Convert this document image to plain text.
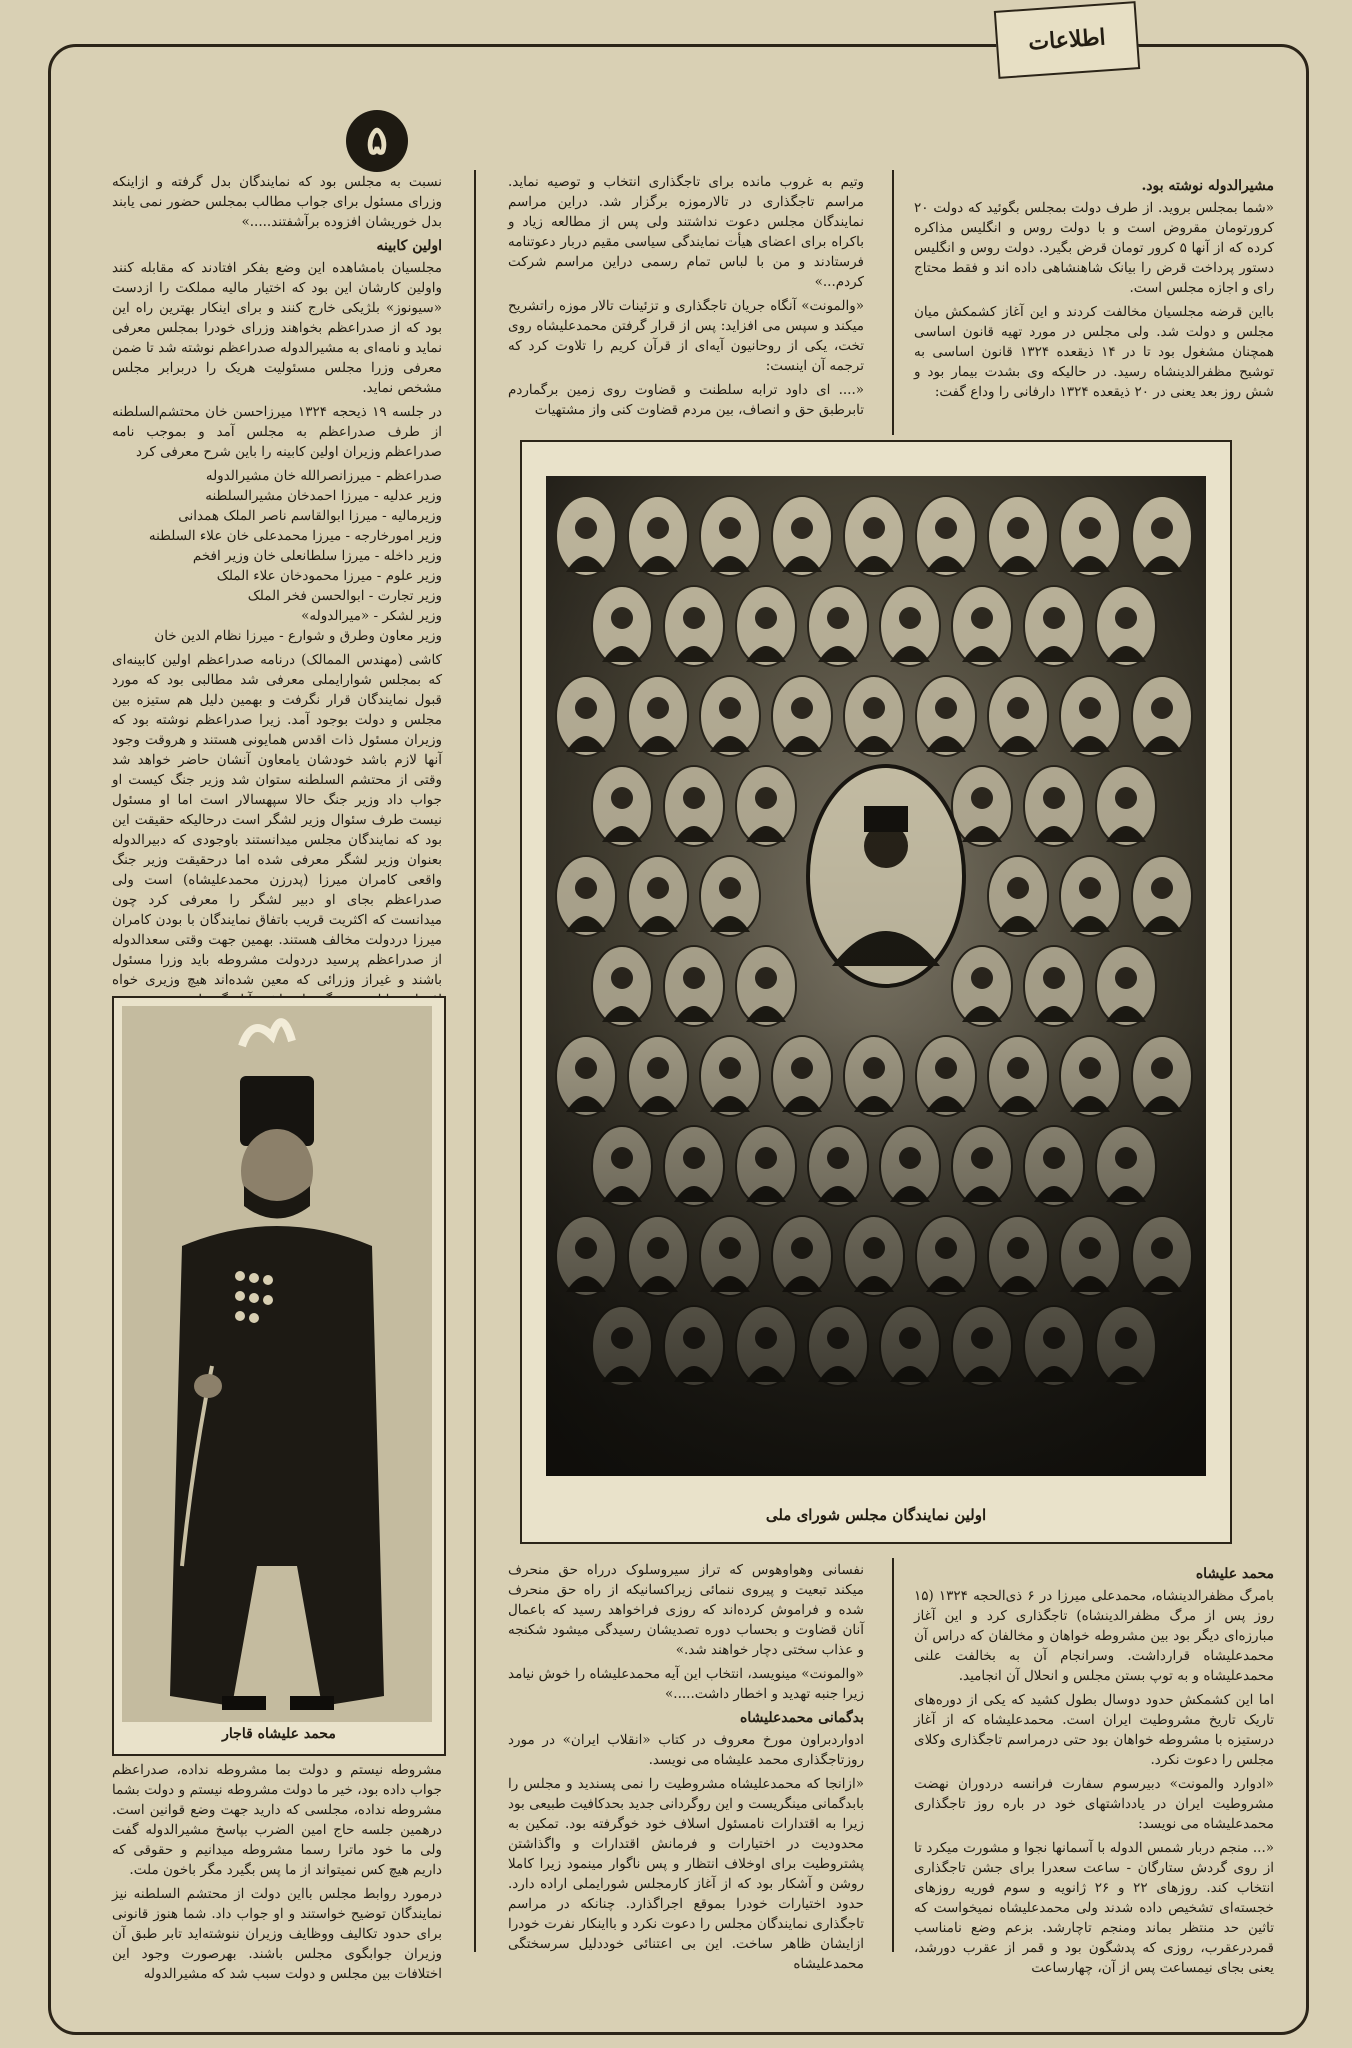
اطلاعات
۵

مشیرالدوله نوشته بود.

«شما بمجلس بروید. از طرف دولت بمجلس بگوئید که دولت ۲۰ کرورتومان مقروض است و با دولت روس و انگلیس مذاکره کرده که از آنها ۵ کرور تومان قرض بگیرد. دولت روس و انگلیس دستور پرداخت قرض را بیانک شاهنشاهی داده اند و فقط محتاج رای و اجازه مجلس است.

بااین قرضه مجلسیان مخالفت کردند و این آغاز کشمکش میان مجلس و دولت شد. ولی مجلس در مورد تهیه قانون اساسی همچنان مشغول بود تا در ۱۴ ذیقعده ۱۳۲۴ قانون اساسی به توشیح مظفرالدینشاه رسید. در حالیکه وی بشدت بیمار بود و شش روز بعد یعنی در ۲۰ ذیقعده ۱۳۲۴ دارفانی را وداع گفت:

وتیم به غروب مانده برای تاجگذاری انتخاب و توصیه نماید. مراسم تاجگذاری در تالارموزه برگزار شد. دراین مراسم نمایندگان مجلس دعوت نداشتند ولی پس از مطالعه زیاد و باکراه برای اعضای هیأت نمایندگی سیاسی مقیم دربار دعوتنامه فرستادند و من با لباس تمام رسمی دراین مراسم شرکت کردم...»

«والمونت» آنگاه جریان تاجگذاری و تزئینات تالار موزه راتشریح میکند و سپس می افزاید: پس از قرار گرفتن محمدعلیشاه روی تخت، یکی از روحانیون آیه‌ای از قرآن کریم را تلاوت کرد که ترجمه آن اینست:

«.... ای داود ترابه سلطنت و قضاوت روی زمین برگماردم تابرطبق حق و انصاف، بین مردم قضاوت کنی واز مشتهیات

اولین نمایندگان مجلس شورای ملی

نسبت به مجلس بود که نمایندگان بدل گرفته و ازاینکه وزرای مسئول برای جواب مطالب بمجلس حضور نمی یابند بدل خوریشان افزوده برآشفتند.....»

اولین کابینه

مجلسیان بامشاهده این وضع بفکر افتادند که مقابله کنند واولین کارشان این بود که اختیار مالیه مملکت را ازدست «سیونوز» بلژیکی خارج کنند و برای اینکار بهترین راه این بود که از صدراعظم بخواهند وزرای خودرا بمجلس معرفی نماید و نامه‌ای به مشیرالدوله صدراعظم نوشته شد تا ضمن معرفی وزرا مجلس مسئولیت هریک را دربرابر مجلس مشخص نماید.

در جلسه ۱۹ ذیحجه ۱۳۲۴ میرزاحسن خان محتشم‌السلطنه از طرف صدراعظم به مجلس آمد و بموجب نامه صدراعظم وزیران اولین کابینه را باین شرح معرفی کرد

صدراعظم - میرزانصرالله خان مشیرالدوله
وزیر عدلیه - میرزا احمدخان مشیرالسلطنه
وزیرمالیه - میرزا ابوالقاسم ناصر الملک همدانی
وزیر امورخارجه - میرزا محمدعلی خان علاء السلطنه
وزیر داخله - میرزا سلطانعلی خان وزیر افخم
وزیر علوم - میرزا محمودخان علاء الملک
وزیر تجارت - ابوالحسن فخر الملک
وزیر لشکر - «میرالدوله»
وزیر معاون وطرق و شوارع - میرزا نظام الدین خان

کاشی (مهندس الممالک) درنامه صدراعظم اولین کابینه‌ای که بمجلس شوارایملی معرفی شد مطالبی بود که مورد قبول نمایندگان قرار نگرفت و بهمین دلیل هم ستیزه بین مجلس و دولت بوجود آمد. زیرا صدراعظم نوشته بود که وزیران مسئول ذات اقدس همایونی هستند و هروقت وجود آنها لازم باشد خودشان یامعاون آنشان حاضر خواهد شد وقتی از محتشم السلطنه ستوان شد وزیر جنگ کیست او جواب داد وزیر جنگ حالا سپهسالار است اما او مسئول نیست طرف سئوال وزیر لشگر است درحالیکه حقیقت این بود که نمایندگان مجلس میدانستند باوجودی که دبیرالدوله بعنوان وزیر لشگر معرفی شده اما درحقیقت وزیر جنگ واقعی کامران میرزا (پدرزن محمدعلیشاه) است ولی صدراعظم بجای او دبیر لشگر را معرفی کرد چون میدانست که اکثریت قریب باتفاق نمایندگان با بودن کامران میرزا دردولت مخالف هستند. بهمین جهت وقتی سعدالدوله از صدراعظم پرسید دردولت مشروطه باید وزرا مسئول باشند و غیراز وزرائی که معین شده‌اند هیچ وزیری خواه

محمد علیشاه قاجار

مشروطه نیستم و دولت بما مشروطه نداده، صدراعظم جواب داده بود، خیر ما دولت مشروطه نیستم و دولت بشما مشروطه نداده، مجلسی که دارید جهت وضع قوانین است. درهمین جلسه حاج امین الضرب بپاسخ مشیرالدوله گفت ولی ما خود ماترا رسما مشروطه میدانیم و حقوقی که داریم هیچ کس نمیتواند از ما پس بگیرد مگر باخون ملت.

درمورد روابط مجلس بااین دولت از محتشم السلطنه نیز نمایندگان توضیح خواستند و او جواب داد. شما هنوز قانونی برای حدود تکالیف ووظایف وزیران ننوشته‌اید تابر طبق آن وزیران جوابگوی مجلس باشند. بهرصورت وجود این اختلافات بین مجلس و دولت سبب شد که مشیرالدوله

نفسانی وهواوهوس که تراز سیروسلوک درراه حق منحرف میکند تبعیت و پیروی ننمائی زیراکسانیکه از راه حق منحرف شده و فراموش کرده‌اند که روزی فراخواهد رسید که باعمال آنان قضاوت و بحساب دوره تصدیشان رسیدگی میشود شکنجه و عذاب سختی دچار خواهند شد.»

«والمونت» مینویسد، انتخاب این آیه محمدعلیشاه را خوش نیامد زیرا جنبه تهدید و اخطار داشت.....»

بدگمانی محمدعلیشاه

ادواردبراون مورخ معروف در کتاب «انقلاب ایران» در مورد روزتاجگذاری محمد علیشاه می نویسد.

«ازانجا که محمدعلیشاه مشروطیت را نمی پسندید و مجلس را بابدگمانی مینگریست و این روگردانی جدید بحدکافیت طبیعی بود زیرا به اقتدارات نامسئول اسلاف خود خوگرفته بود. تمکین به محدودیت در اختیارات و فرمانش اقتدارات و واگذاشتن پشتروطیت برای اوخلاف انتظار و پس ناگوار مینمود زیرا کاملا روشن و آشکار بود که از آغاز کارمجلس شورایملی اراده دارد. حدود اختیارات خودرا بموقع اجراگذارد. چنانکه در مراسم تاجگذاری نمایندگان مجلس را دعوت نکرد و بااینکار نفرت خودرا ازایشان ظاهر ساخت. این بی اعتنائی خوددلیل سرسختگی محمدعلیشاه

محمد علیشاه

بامرگ مظفرالدینشاه، محمدعلی میرزا در ۶ ذی‌الحجه ۱۳۲۴ (۱۵ روز پس از مرگ مظفرالدینشاه) تاجگذاری کرد و این آغاز مبارزه‌ای دیگر بود بین مشروطه خواهان و مخالفان که دراس آن محمدعلیشاه قرارداشت. وسرانجام آن به بخالفت علنی محمدعلیشاه و به توپ بستن مجلس و انحلال آن انجامید.

اما این کشمکش حدود دوسال بطول کشید که یکی از دوره‌های تاریک تاریخ مشروطیت ایران است. محمدعلیشاه که از آغاز درستیزه با مشروطه خواهان بود حتی درمراسم تاجگذاری وکلای مجلس را دعوت نکرد.

«ادوارد والمونت» دبیرسوم سفارت فرانسه دردوران نهضت مشروطیت ایران در یادداشتهای خود در باره روز تاجگذاری محمدعلیشاه می نویسد:

«... منجم دربار شمس الدوله با آسمانها نجوا و مشورت میکرد تا از روی گردش ستارگان - ساعت سعدرا برای جشن تاجگذاری انتخاب کند. روزهای ۲۲ و ۲۶ ژانویه و سوم فوریه روزهای خجسته‌ای تشخیص داده شدند ولی محمدعلیشاه نمیخواست که تاثین حد منتظر بماند ومنجم تاچارشد. بزعم وضع نامناسب قمردرعقرب، روزی که پدشگون بود و قمر از عقرب دورشد، یعنی بجای نیمساعت پس از آن، چهارساعت
